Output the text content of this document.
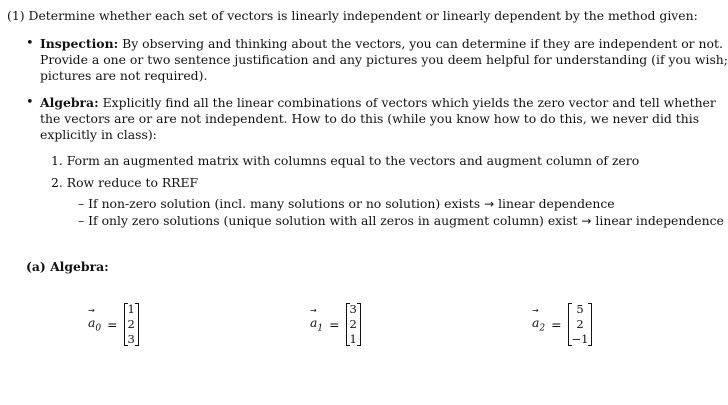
(1) Determine whether each set of vectors is linearly independent or linearly dependent by the method given:
• Inspection: By observing and thinking about the vectors, you can determine if they are independent or not.
Provide a one or two sentence justification and any pictures you deem helpful for understanding (if you wish;
pictures are not required).
• Algebra: Explicitly find all the linear combinations of vectors which yields the zero vector and tell whether
the vectors are or are not independent. How to do this (while you know how to do this, we never did this
explicitly in class):
1. Form an augmented matrix with columns equal to the vectors and augment column of zero
2. Row reduce to RREF
– If non-zero solution (incl. many solutions or no solution) exists → linear dependence
– If only zero solutions (unique solution with all zeros in augment column) exist → linear independence
(a) Algebra:
$a_0$
→
=
1
2
3
$a_1$
→
=
3
2
1
$a_2$
→
=
5
2
−1
